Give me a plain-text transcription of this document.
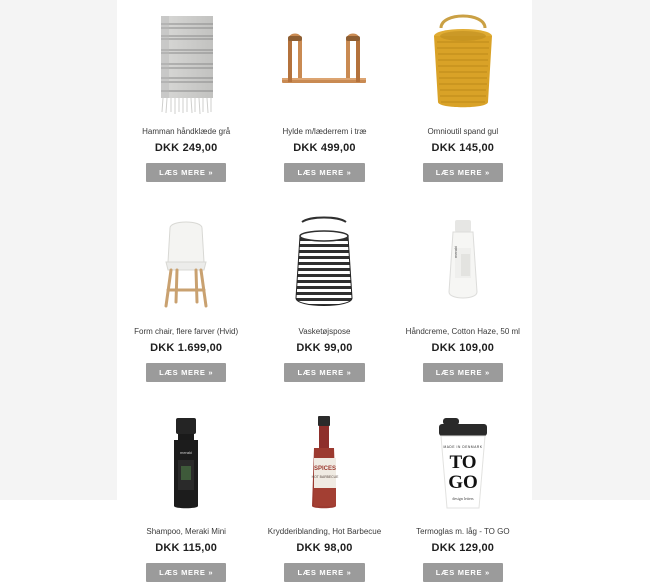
Hamman håndklæde grå
DKK 249,00
LÆS MERE »
Hylde m/læderrem i træ
DKK 499,00
LÆS MERE »
Omnioutil spand gul
DKK 145,00
LÆS MERE »
Form chair, flere farver (Hvid)
DKK 1.699,00
LÆS MERE »
Vasketøjspose
DKK 99,00
LÆS MERE »
meraki
Håndcreme, Cotton Haze, 50 ml
DKK 109,00
LÆS MERE »
meraki
Shampoo, Meraki Mini
DKK 115,00
LÆS MERE »
SPICES
HOT BARBECUE
Krydderiblanding, Hot Barbecue
DKK 98,00
LÆS MERE »
MADE IN DENMARK
TO
GO
design letters
Termoglas m. låg - TO GO
DKK 129,00
LÆS MERE »
